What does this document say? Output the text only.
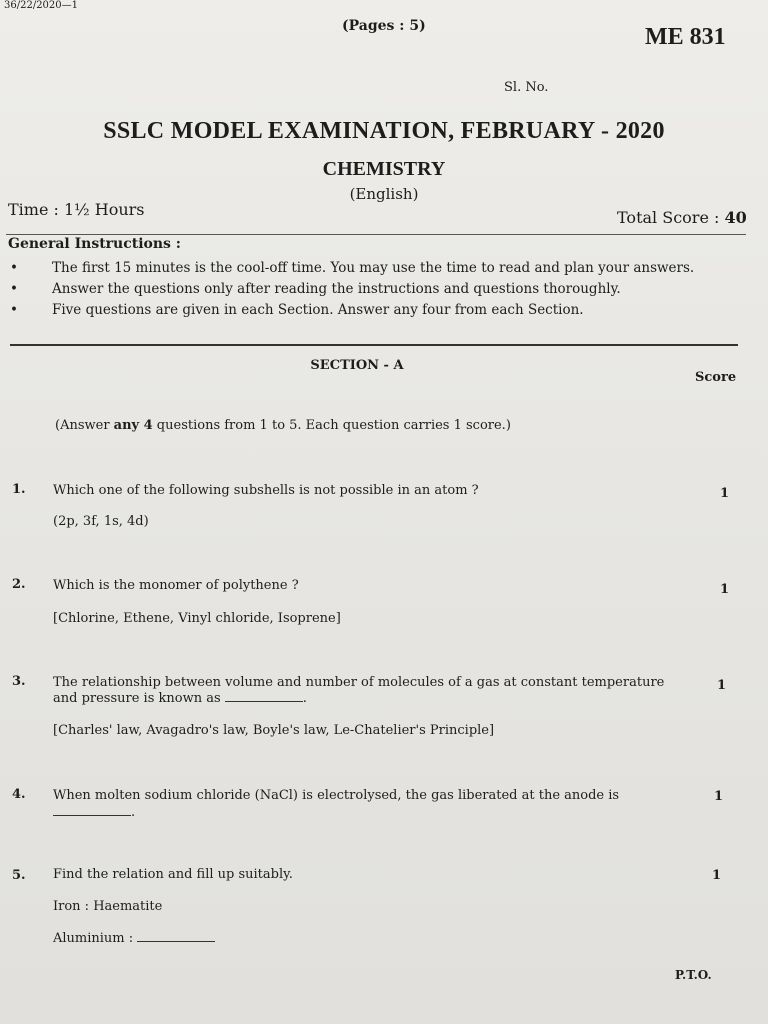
36/22/2020—1
(Pages : 5)	ME 831
Sl. No.
SSLC MODEL EXAMINATION, FEBRUARY - 2020
CHEMISTRY
(English)
Time : 1½ Hours	Total Score : 40
General Instructions :
•	The first 15 minutes is the cool-off time. You may use the time to read and plan your answers.
•	Answer the questions only after reading the instructions and questions thoroughly.
•	Five questions are given in each Section. Answer any four from each Section.
SECTION - A
Score
(Answer any 4 questions from 1 to 5. Each question carries 1 score.)
1. Which one of the following subshells is not possible in an atom ?
(2p, 3f, 1s, 4d)
1
2. Which is the monomer of polythene ?
[Chlorine, Ethene, Vinyl chloride, Isoprene]
1
3. The relationship between volume and number of molecules of a gas at constant temperature
and pressure is known as	.
[Charles' law, Avagadro's law, Boyle's law, Le-Chatelier's Principle]
1
4. When molten sodium chloride (NaCl) is electrolysed, the gas liberated at the anode is
.
1
5. Find the relation and fill up suitably.
Iron : Haematite
Aluminium :
1
P.T.O.
